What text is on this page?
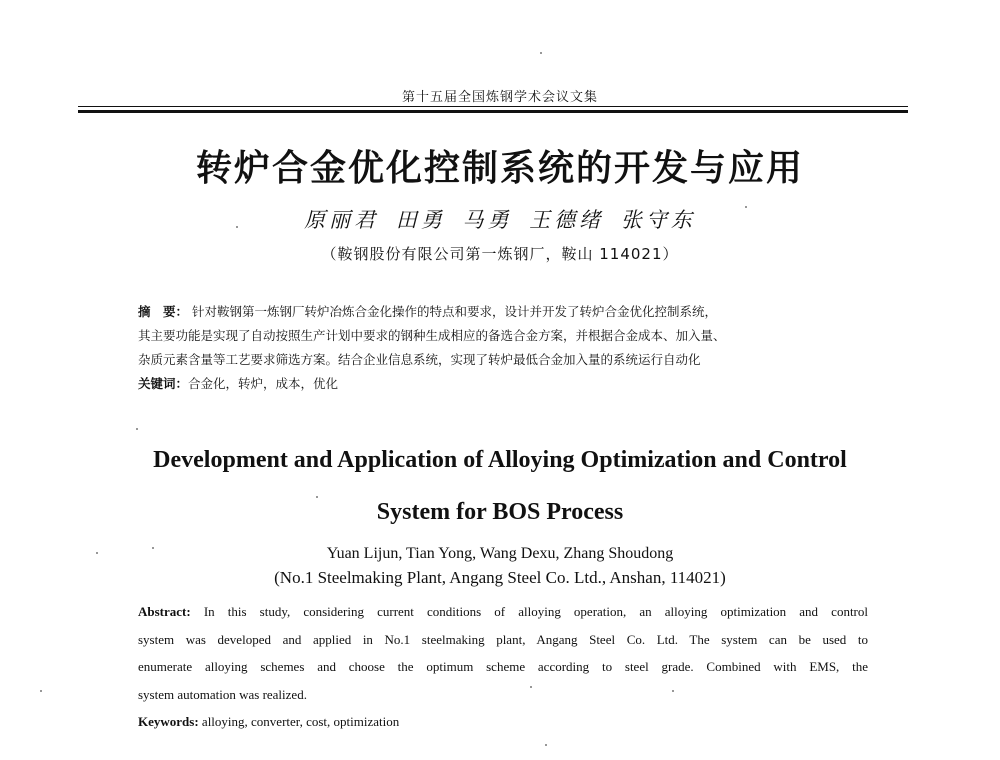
第十五届全国炼钢学术会议文集
转炉合金优化控制系统的开发与应用
原丽君 田勇 马勇 王德绪 张守东
（鞍钢股份有限公司第一炼钢厂，鞍山 114021）
摘　要： 针对鞍钢第一炼钢厂转炉冶炼合金化操作的特点和要求，设计并开发了转炉合金优化控制系统，
其主要功能是实现了自动按照生产计划中要求的钢种生成相应的备选合金方案，并根据合金成本、加入量、
杂质元素含量等工艺要求筛选方案。结合企业信息系统，实现了转炉最低合金加入量的系统运行自动化
关键词：合金化，转炉，成本，优化
Development and Application of Alloying Optimization and Control
System for BOS Process
Yuan Lijun, Tian Yong, Wang Dexu, Zhang Shoudong
(No.1 Steelmaking Plant, Angang Steel Co. Ltd., Anshan, 114021)
Abstract: In this study, considering current conditions of alloying operation, an alloying optimization and control
system was developed and applied in No.1 steelmaking plant, Angang Steel Co. Ltd. The system can be used to
enumerate alloying schemes and choose the optimum scheme according to steel grade. Combined with EMS, the
system automation was realized.
Keywords: alloying, converter, cost, optimization
